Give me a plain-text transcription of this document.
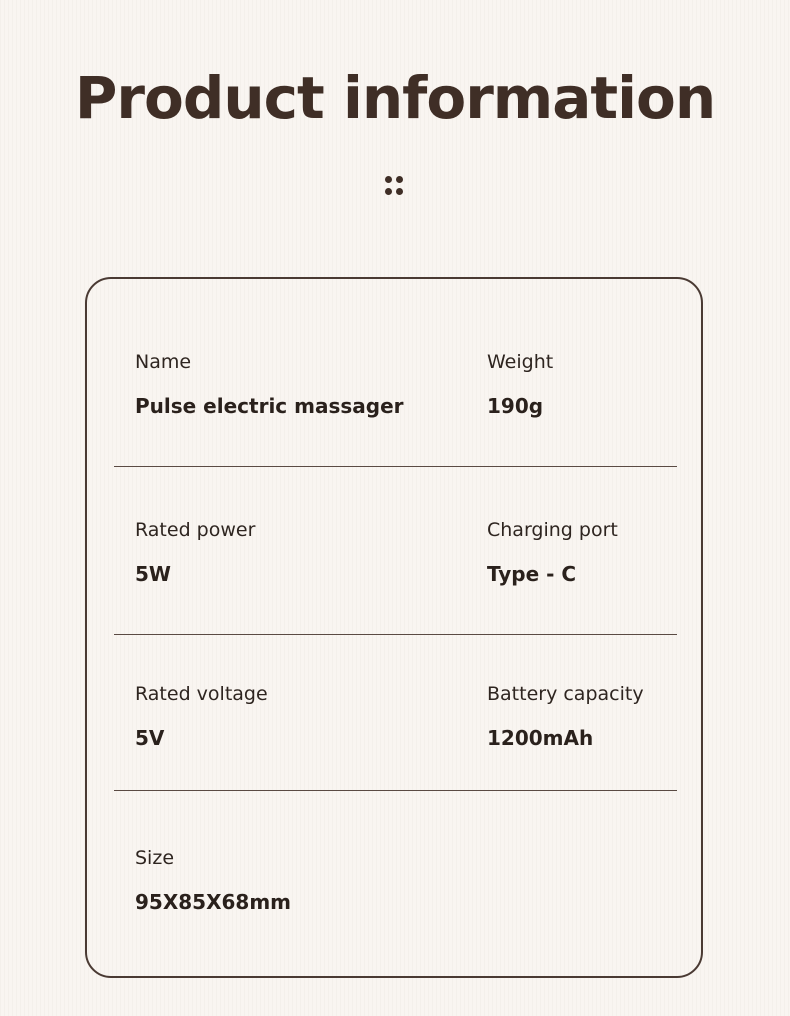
Product information
Name
Pulse electric massager
Weight
190g
Rated power
5W
Charging port
Type - C
Rated voltage
5V
Battery capacity
1200mAh
Size
95X85X68mm
